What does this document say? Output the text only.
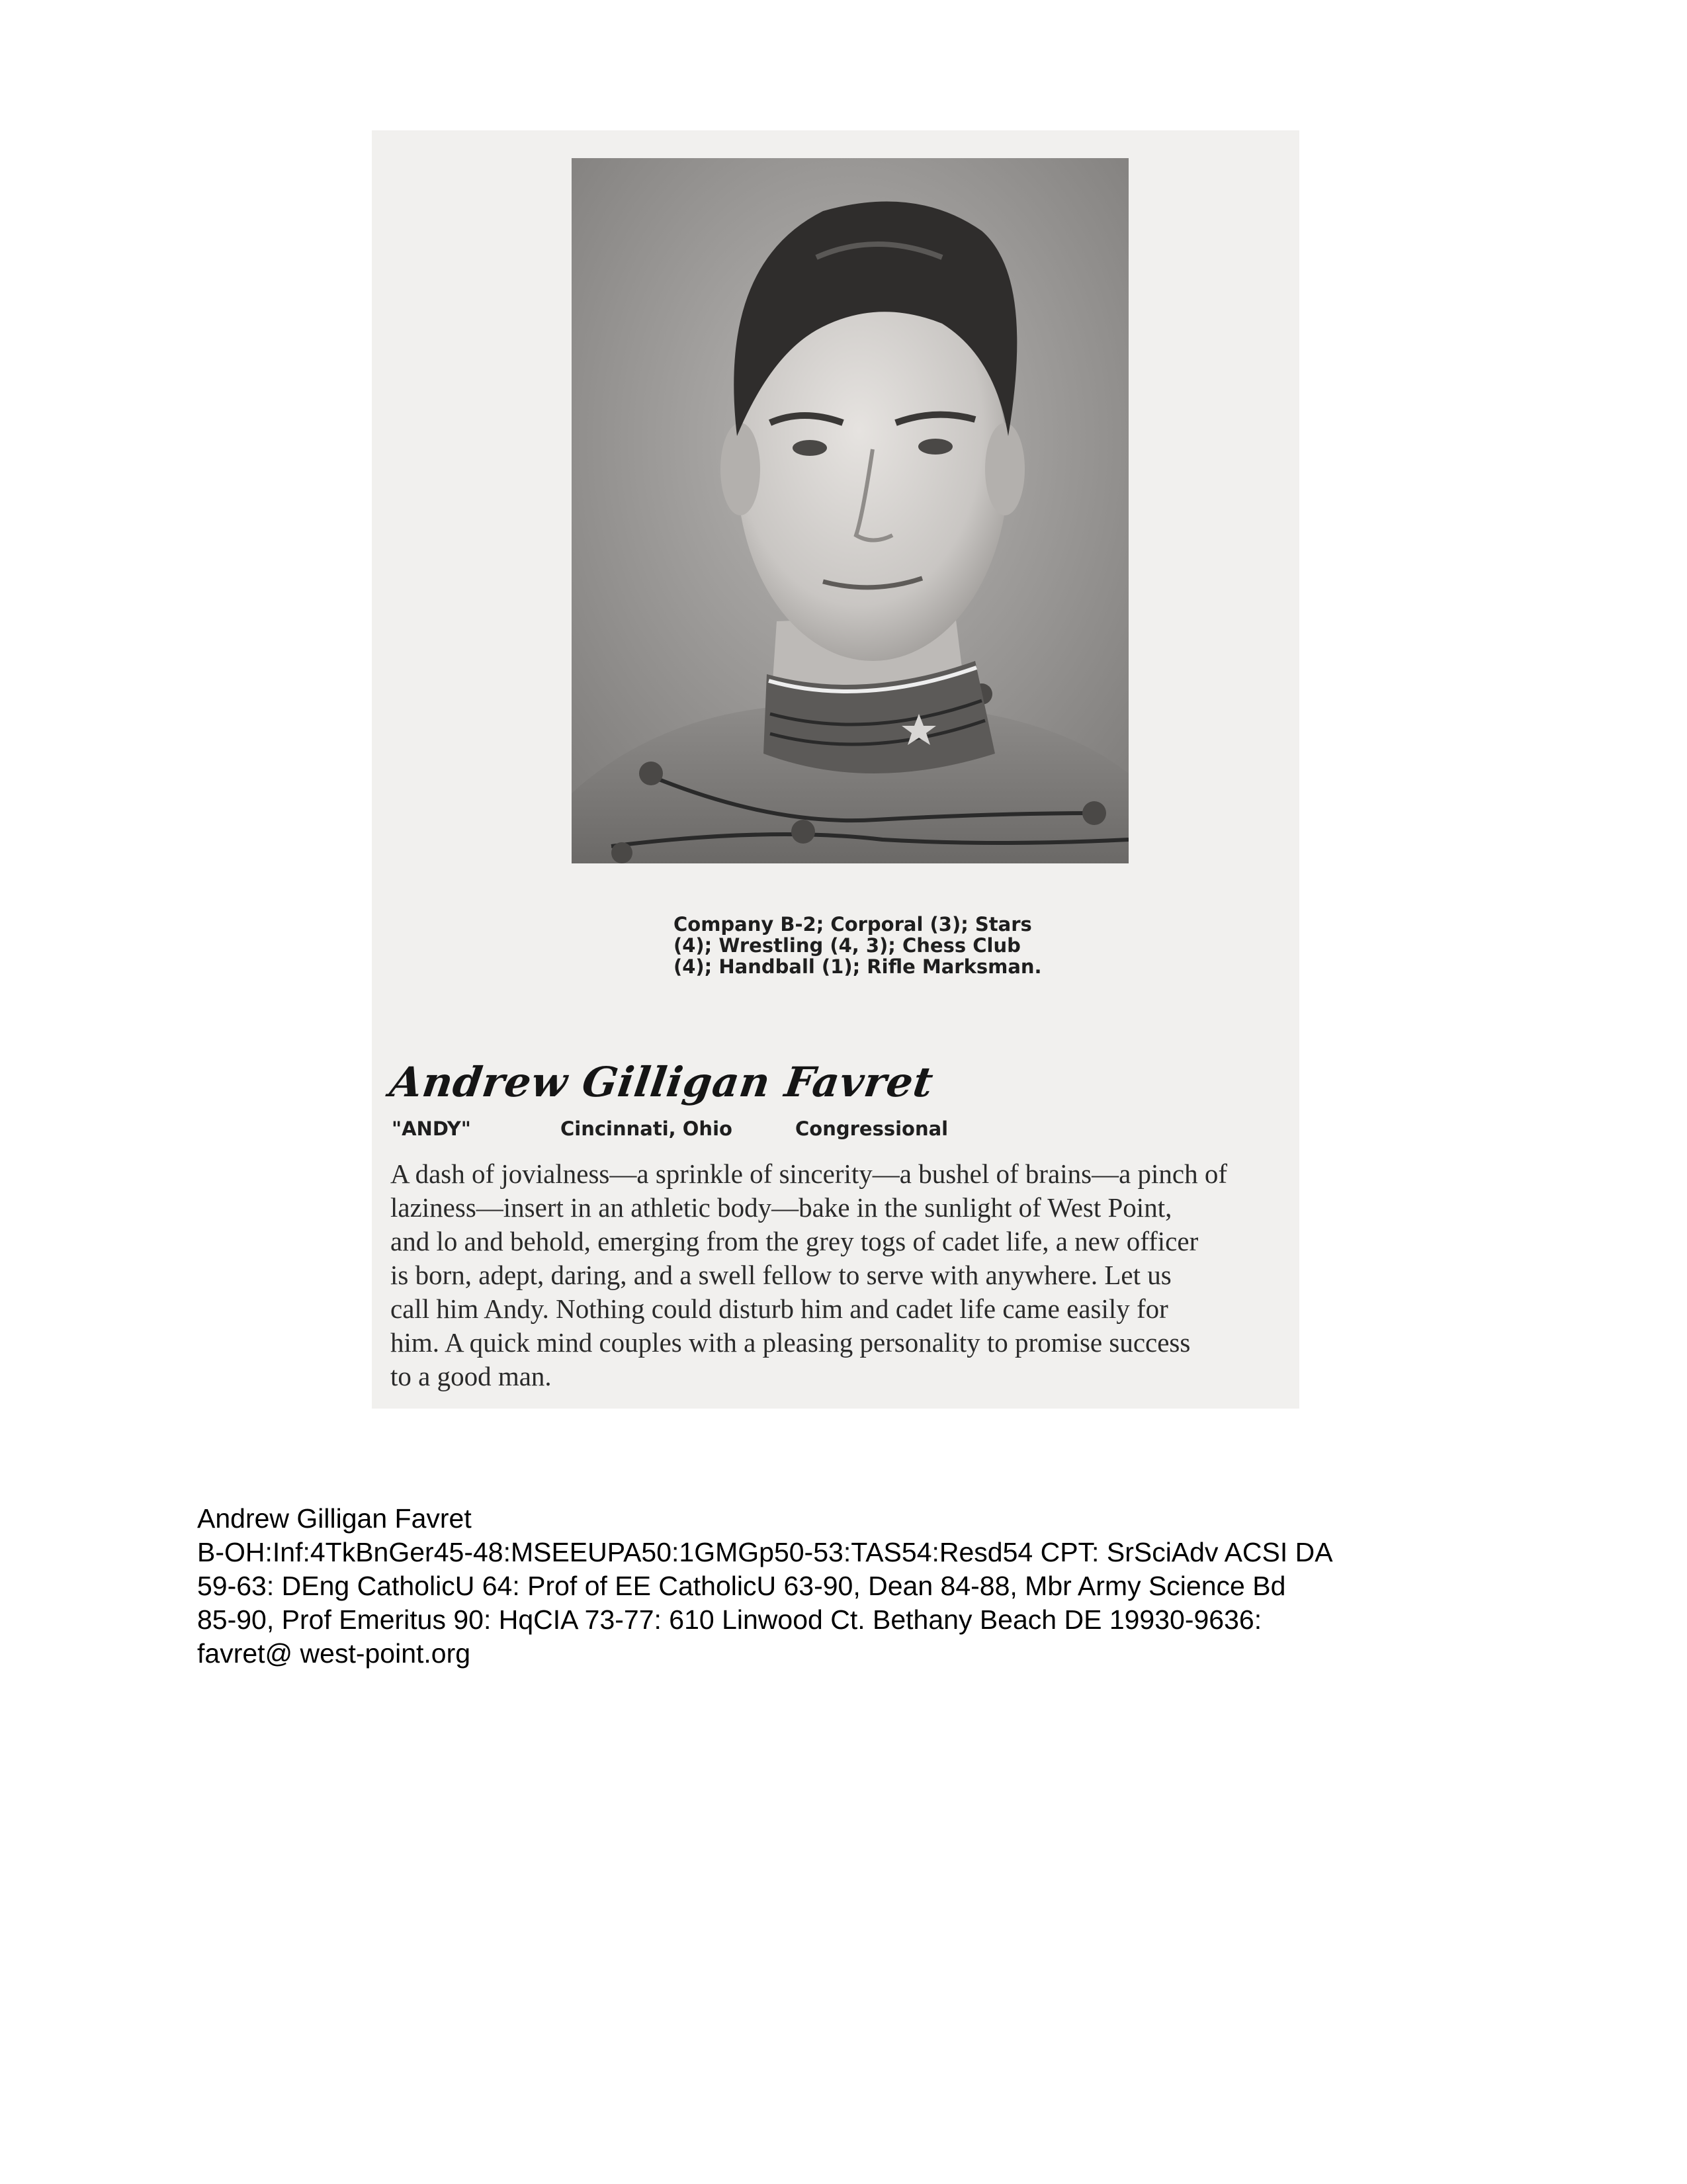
Company B-2; Corporal (3); Stars
(4); Wrestling (4, 3); Chess Club
(4); Handball (1); Rifle Marksman.
Andrew Gilligan Favret
"ANDY"	Cincinnati, Ohio	Congressional
A dash of jovialness—a sprinkle of sincerity—a bushel of brains—a pinch of
laziness—insert in an athletic body—bake in the sunlight of West Point,
and lo and behold, emerging from the grey togs of cadet life, a new officer
is born, adept, daring, and a swell fellow to serve with anywhere. Let us
call him Andy. Nothing could disturb him and cadet life came easily for
him. A quick mind couples with a pleasing personality to promise success
to a good man.
Andrew Gilligan Favret
B-OH:Inf:4TkBnGer45-48:MSEEUPA50:1GMGp50-53:TAS54:Resd54 CPT: SrSciAdv ACSI DA
59-63: DEng CatholicU 64: Prof of EE CatholicU 63-90, Dean 84-88, Mbr Army Science Bd
85-90, Prof Emeritus 90: HqCIA 73-77: 610 Linwood Ct. Bethany Beach DE 19930-9636:
favret@ west-point.org
